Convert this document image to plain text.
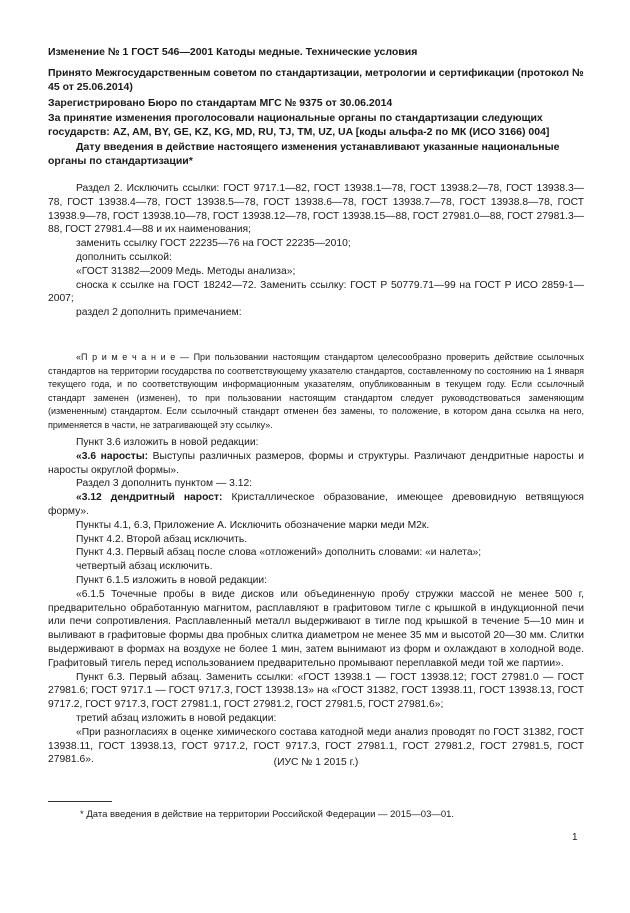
Изменение № 1 ГОСТ 546—2001 Катоды медные. Технические условия
Принято Межгосударственным советом по стандартизации, метрологии и сертификации (протокол № 45 от 25.06.2014)
Зарегистрировано Бюро по стандартам МГС № 9375 от 30.06.2014
За принятие изменения проголосовали национальные органы по стандартизации следующих государств: AZ, AM, BY, GE, KZ, KG, MD, RU, TJ, TM, UZ, UA [коды альфа-2 по МК (ИСО 3166) 004]
Дату введения в действие настоящего изменения устанавливают указанные национальные органы по стандартизации*

Раздел 2. Исключить ссылки: ГОСТ 9717.1—82, ГОСТ 13938.1—78, ГОСТ 13938.2—78, ГОСТ 13938.3—78, ГОСТ 13938.4—78, ГОСТ 13938.5—78, ГОСТ 13938.6—78, ГОСТ 13938.7—78, ГОСТ 13938.8—78, ГОСТ 13938.9—78, ГОСТ 13938.10—78, ГОСТ 13938.12—78, ГОСТ 13938.15—88, ГОСТ 27981.0—88, ГОСТ 27981.3—88, ГОСТ 27981.4—88 и их наименования;

заменить ссылку ГОСТ 22235—76 на ГОСТ 22235—2010;

дополнить ссылкой:

«ГОСТ 31382—2009 Медь. Методы анализа»;

сноска к ссылке на ГОСТ 18242—72. Заменить ссылку: ГОСТ Р 50779.71—99 на ГОСТ Р ИСО 2859-1—2007;

раздел 2 дополнить примечанием:

«П р и м е ч а н и е — При пользовании настоящим стандартом целесообразно проверить действие ссылочных стандартов на территории государства по соответствующему указателю стандартов, составленному по состоянию на 1 января текущего года, и по соответствующим информационным указателям, опубликованным в текущем году. Если ссылочный стандарт заменен (изменен), то при пользовании настоящим стандартом следует руководствоваться заменяющим (измененным) стандартом. Если ссылочный стандарт отменен без замены, то положение, в котором дана ссылка на него, применяется в части, не затрагивающей эту ссылку».

Пункт 3.6 изложить в новой редакции:

«3.6 наросты: Выступы различных размеров, формы и структуры. Различают дендритные наросты и наросты округлой формы».

Раздел 3 дополнить пунктом — 3.12:

«3.12 дендритный нарост: Кристаллическое образование, имеющее древовидную ветвящуюся форму».

Пункты 4.1, 6.3, Приложение А. Исключить обозначение марки меди М2к.

Пункт 4.2. Второй абзац исключить.

Пункт 4.3. Первый абзац после слова «отложений» дополнить словами: «и налета»;

четвертый абзац исключить.

Пункт 6.1.5 изложить в новой редакции:

«6.1.5 Точечные пробы в виде дисков или объединенную пробу стружки массой не менее 500 г, предварительно обработанную магнитом, расплавляют в графитовом тигле с крышкой в индукционной печи или печи сопротивления. Расплавленный металл выдерживают в тигле под крышкой в течение 5—10 мин и выливают в графитовые формы два пробных слитка диаметром не менее 35 мм и высотой 20—30 мм. Слитки выдерживают в формах на воздухе не более 1 мин, затем вынимают из форм и охлаждают в холодной воде. Графитовый тигель перед использованием предварительно промывают переплавкой меди той же партии».

Пункт 6.3. Первый абзац. Заменить ссылки: «ГОСТ 13938.1 — ГОСТ 13938.12; ГОСТ 27981.0 — ГОСТ 27981.6; ГОСТ 9717.1 — ГОСТ 9717.3, ГОСТ 13938.13» на «ГОСТ 31382, ГОСТ 13938.11, ГОСТ 13938.13, ГОСТ 9717.2, ГОСТ 9717.3, ГОСТ 27981.1, ГОСТ 27981.2, ГОСТ 27981.5, ГОСТ 27981.6»;

третий абзац изложить в новой редакции:

«При разногласиях в оценке химического состава катодной меди анализ проводят по ГОСТ 31382, ГОСТ 13938.11, ГОСТ 13938.13, ГОСТ 9717.2, ГОСТ 9717.3, ГОСТ 27981.1, ГОСТ 27981.2, ГОСТ 27981.5, ГОСТ 27981.6».	(ИУС № 1 2015 г.)
* Дата введения в действие на территории Российской Федерации — 2015—03—01.
1
